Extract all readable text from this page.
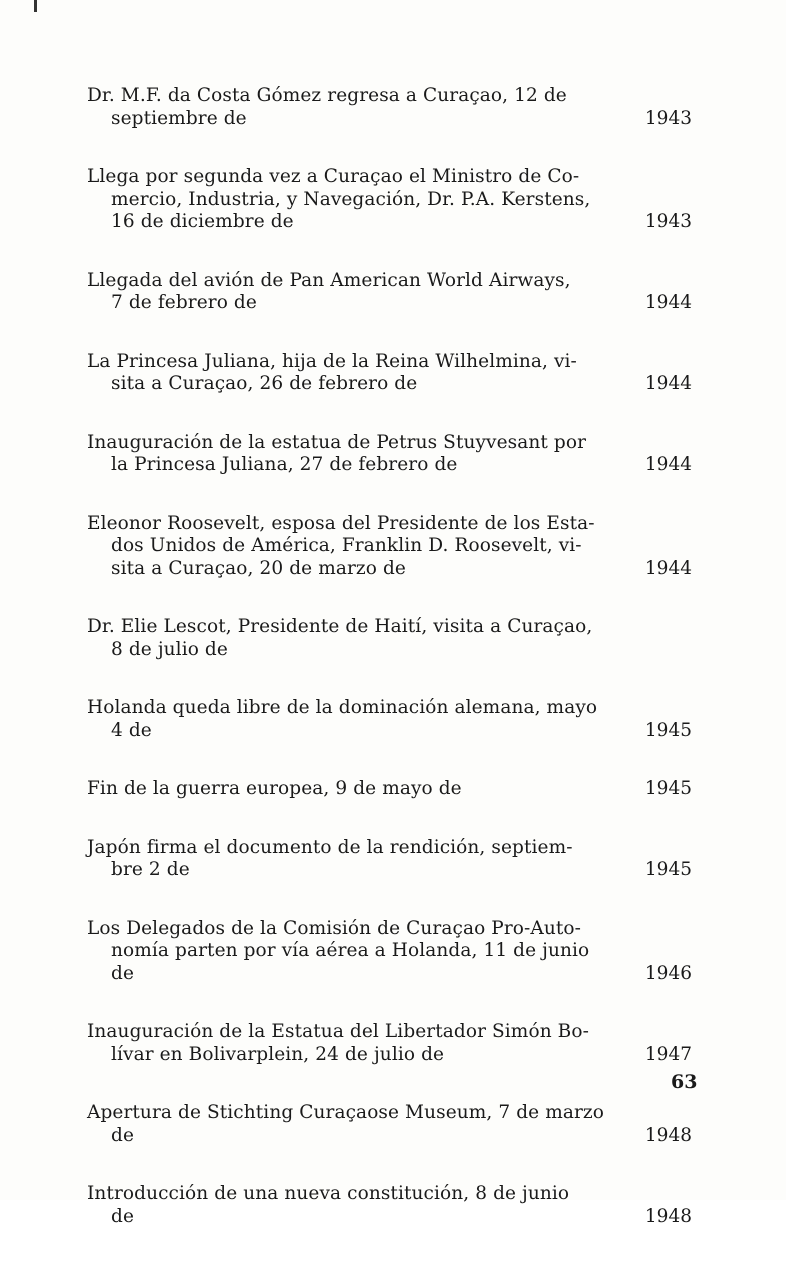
Dr. M.F. da Costa Gómez regresa a Curaçao, 12 de
septiembre de	1943
Llega por segunda vez a Curaçao el Ministro de Co-
mercio, Industria, y Navegación, Dr. P.A. Kerstens,
16 de diciembre de	1943
Llegada del avión de Pan American World Airways,
7 de febrero de	1944
La Princesa Juliana, hija de la Reina Wilhelmina, vi-
sita a Curaçao, 26 de febrero de	1944
Inauguración de la estatua de Petrus Stuyvesant por
la Princesa Juliana, 27 de febrero de	1944
Eleonor Roosevelt, esposa del Presidente de los Esta-
dos Unidos de América, Franklin D. Roosevelt, vi-
sita a Curaçao, 20 de marzo de	1944
Dr. Elie Lescot, Presidente de Haití, visita a Curaçao,
8 de julio de
Holanda queda libre de la dominación alemana, mayo
4 de	1945
Fin de la guerra europea, 9 de mayo de	1945
Japón firma el documento de la rendición, septiem-
bre 2 de	1945
Los Delegados de la Comisión de Curaçao Pro-Auto-
nomía parten por vía aérea a Holanda, 11 de junio
de	1946
Inauguración de la Estatua del Libertador Simón Bo-
lívar en Bolivarplein, 24 de julio de	1947
Apertura de Stichting Curaçaose Museum, 7 de marzo
de	1948
Introducción de una nueva constitución, 8 de junio
de	1948
63
